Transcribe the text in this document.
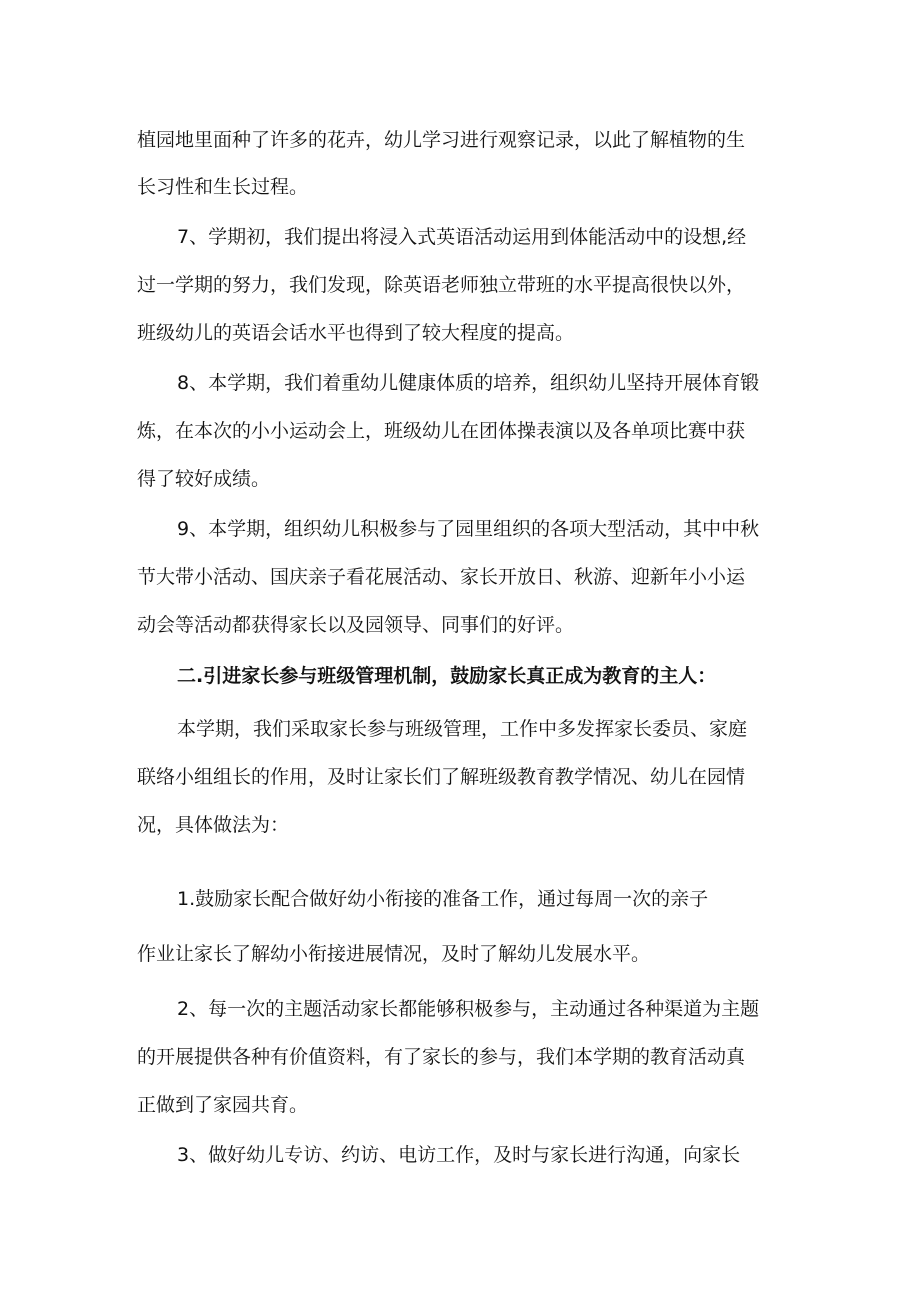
植园地里面种了许多的花卉，幼儿学习进行观察记录，以此了解植物的生
长习性和生长过程。
7、学期初，我们提出将浸入式英语活动运用到体能活动中的设想,经
过一学期的努力，我们发现，除英语老师独立带班的水平提高很快以外，
班级幼儿的英语会话水平也得到了较大程度的提高。
8、本学期，我们着重幼儿健康体质的培养，组织幼儿坚持开展体育锻
炼，在本次的小小运动会上，班级幼儿在团体操表演以及各单项比赛中获
得了较好成绩。
9、本学期，组织幼儿积极参与了园里组织的各项大型活动，其中中秋
节大带小活动、国庆亲子看花展活动、家长开放日、秋游、迎新年小小运
动会等活动都获得家长以及园领导、同事们的好评。
二.引进家长参与班级管理机制，鼓励家长真正成为教育的主人：
本学期，我们采取家长参与班级管理，工作中多发挥家长委员、家庭
联络小组组长的作用，及时让家长们了解班级教育教学情况、幼儿在园情
况，具体做法为：
1.鼓励家长配合做好幼小衔接的准备工作，通过每周一次的亲子
作业让家长了解幼小衔接进展情况，及时了解幼儿发展水平。
2、每一次的主题活动家长都能够积极参与，主动通过各种渠道为主题
的开展提供各种有价值资料，有了家长的参与，我们本学期的教育活动真
正做到了家园共育。
3、做好幼儿专访、约访、电访工作，及时与家长进行沟通，向家长
